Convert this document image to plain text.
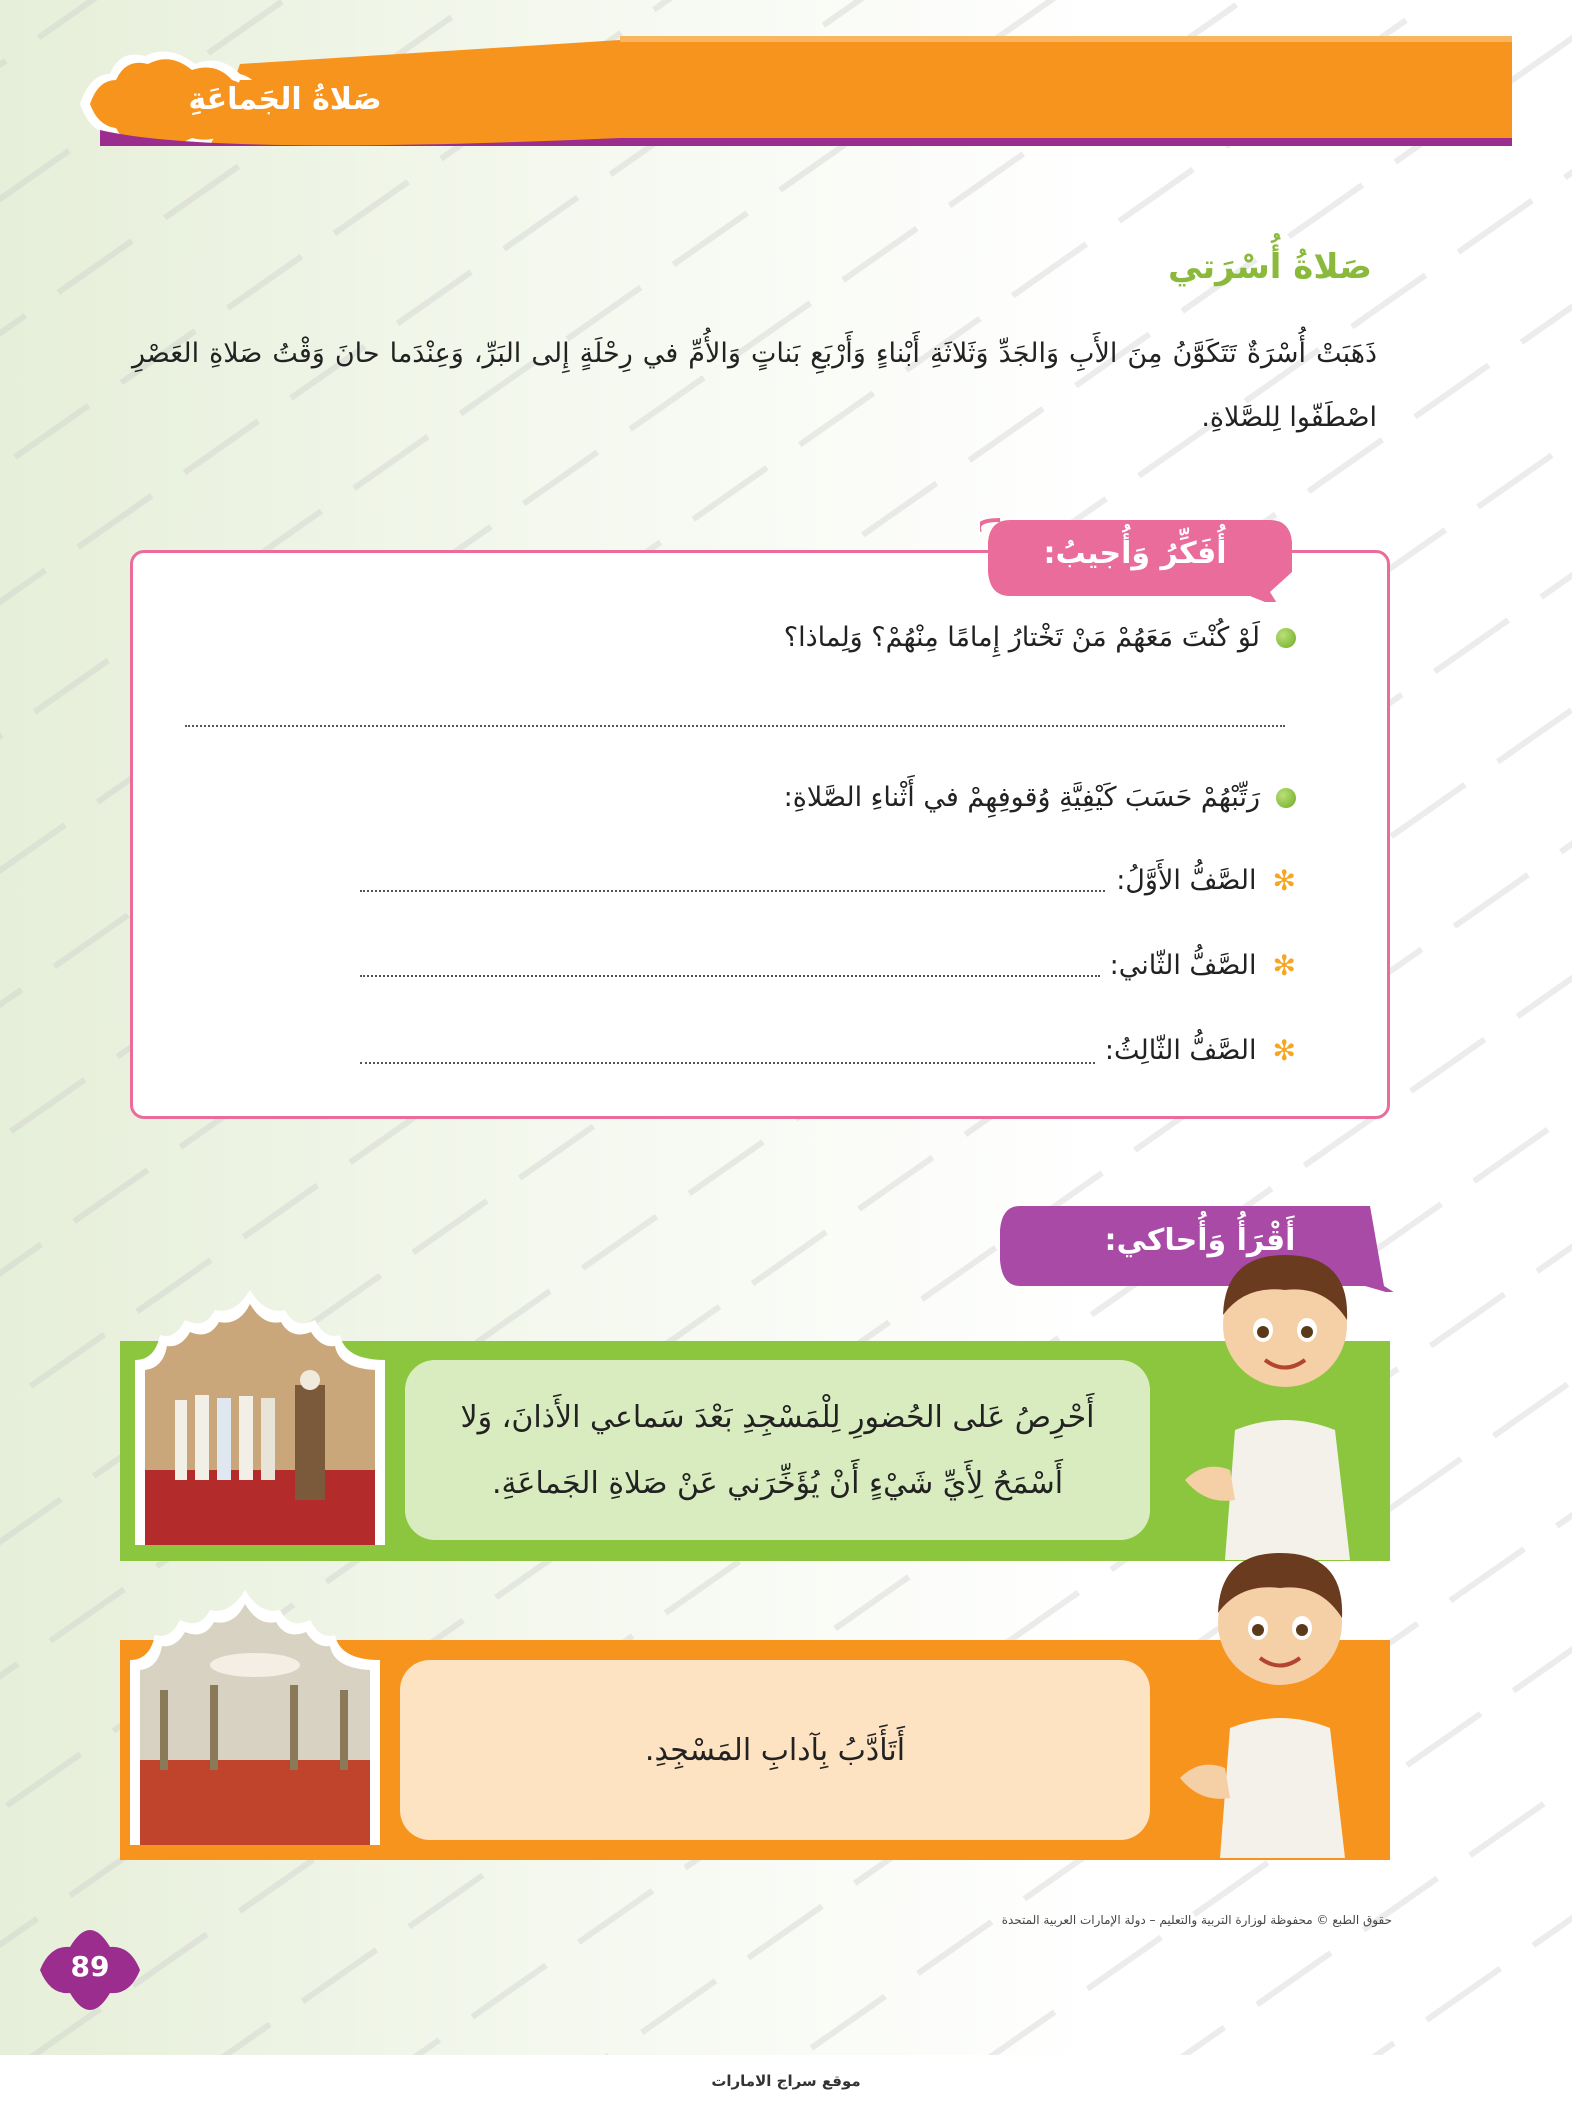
صَلاةُ الجَماعَةِ
صَلاةُ أُسْرَتي
ذَهَبَتْ أُسْرَةٌ تَتَكَوَّنُ مِنَ الأَبِ وَالجَدِّ وَثَلاثَةِ أَبْناءٍ وَأَرْبَعِ بَناتٍ وَالأُمِّ في رِحْلَةٍ إِلى البَرِّ، وَعِنْدَما حانَ وَقْتُ صَلاةِ العَصْرِ اصْطَفّوا لِلصَّلاةِ.
أُفَكِّرُ وَأُجيبُ:
لَوْ كُنْتَ مَعَهُمْ مَنْ تَخْتارُ إِمامًا مِنْهُمْ؟ وَلِماذا؟
رَتِّبْهُمْ حَسَبَ كَيْفِيَّةِ وُقوفِهِمْ في أَثْناءِ الصَّلاةِ:
✻
الصَّفُّ الأَوَّلُ:
✻
الصَّفُّ الثّاني:
✻
الصَّفُّ الثّالِثُ:
أَقْرَأُ وَأُحاكي:
أَحْرِصُ عَلى الحُضورِ لِلْمَسْجِدِ بَعْدَ سَماعي الأَذانَ، وَلا
أَسْمَحُ لِأَيِّ شَيْءٍ أَنْ يُؤَخِّرَني عَنْ صَلاةِ الجَماعَةِ.
أَتَأَدَّبُ بِآدابِ المَسْجِدِ.
حقوق الطبع © محفوظة لوزارة التربية والتعليم – دولة الإمارات العربية المتحدة
89
موقع سراج الامارات
